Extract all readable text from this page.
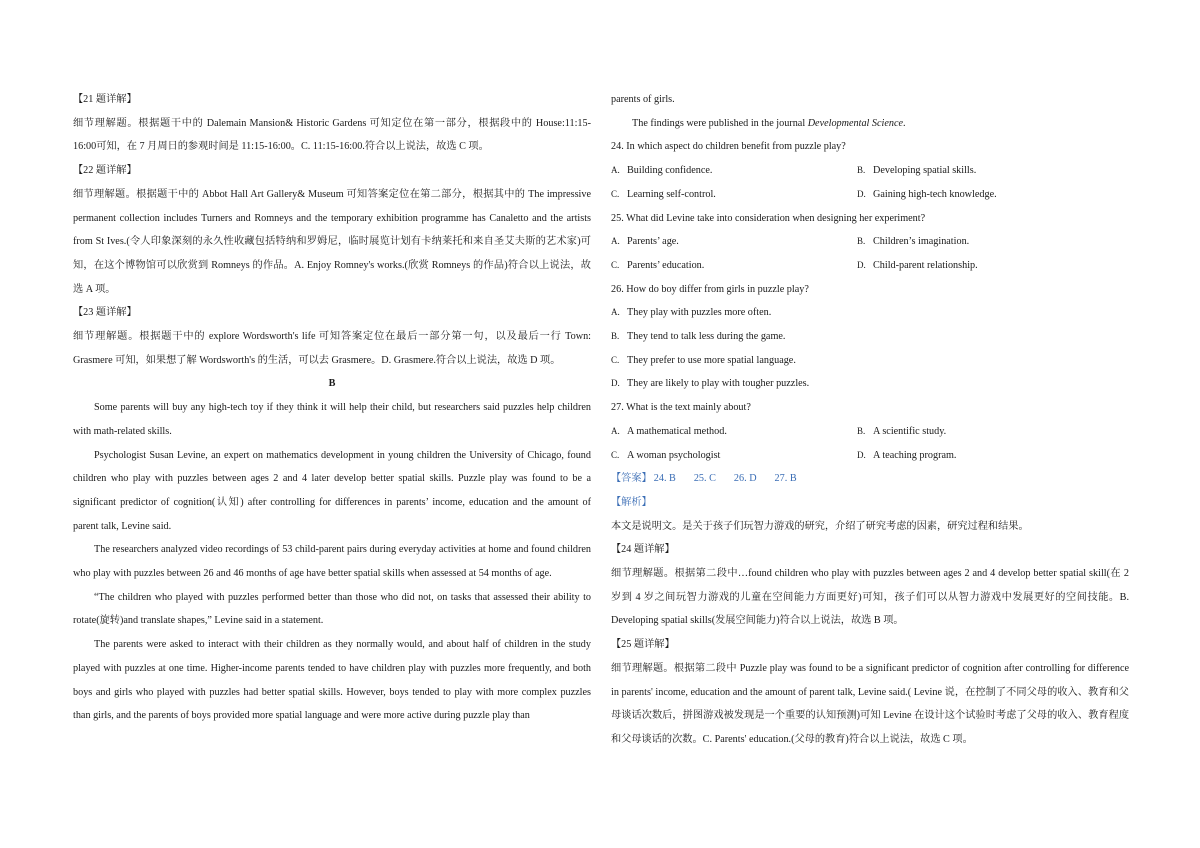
【21 题详解】

细节理解题。根据题干中的 Dalemain Mansion& Historic Gardens 可知定位在第一部分，根据段中的 House:11:15-16:00可知，在 7 月周日的参观时间是 11:15-16:00。C. 11:15-16:00.符合以上说法，故选 C 项。

【22 题详解】

细节理解题。根据题干中的 Abbot Hall Art Gallery& Museum 可知答案定位在第二部分，根据其中的 The impressive permanent collection includes Turners and Romneys and the temporary exhibition programme has Canaletto and the artists from St Ives.(令人印象深刻的永久性收藏包括特纳和罗姆尼，临时展览计划有卡纳莱托和来自圣艾夫斯的艺术家)可知，在这个博物馆可以欣赏到 Romneys 的作品。A. Enjoy Romney's works.(欣赏 Romneys 的作品)符合以上说法，故选 A 项。

【23 题详解】

细节理解题。根据题干中的 explore Wordsworth's life 可知答案定位在最后一部分第一句，以及最后一行 Town: Grasmere 可知，如果想了解 Wordsworth's 的生活，可以去 Grasmere。D. Grasmere.符合以上说法，故选 D 项。

B

Some parents will buy any high-tech toy if they think it will help their child, but researchers said puzzles help children with math-related skills.

Psychologist Susan Levine, an expert on mathematics development in young children the University of Chicago, found children who play with puzzles between ages 2 and 4 later develop better spatial skills. Puzzle play was found to be a significant predictor of cognition(认知) after controlling for differences in parents’ income, education and the amount of parent talk, Levine said.

The researchers analyzed video recordings of 53 child-parent pairs during everyday activities at home and found children who play with puzzles between 26 and 46 months of age have better spatial skills when assessed at 54 months of age.

“The children who played with puzzles performed better than those who did not, on tasks that assessed their ability to rotate(旋转)and translate shapes,” Levine said in a statement.

The parents were asked to interact with their children as they normally would, and about half of children in the study played with puzzles at one time. Higher-income parents tended to have children play with puzzles more frequently, and both boys and girls who played with puzzles had better spatial skills. However, boys tended to play with more complex puzzles than girls, and the parents of boys provided more spatial language and were more active during puzzle play than

parents of girls.

The findings were published in the journal Developmental Science.

24. In which aspect do children benefit from puzzle play?

A. Building confidence.	B. Developing spatial skills.
C. Learning self-control.	D. Gaining high-tech knowledge.

25. What did Levine take into consideration when designing her experiment?

A. Parents’ age.	B. Children’s imagination.
C. Parents’ education.	D. Child-parent relationship.

26. How do boy differ from girls in puzzle play?

A. They play with puzzles more often.
B. They tend to talk less during the game.
C. They prefer to use more spatial language.
D. They are likely to play with tougher puzzles.

27. What is the text mainly about?

A. A mathematical method.	B. A scientific study.
C. A woman psychologist	D. A teaching program.
【答案】 24. B 25. C 26. D 27. B

【解析】

本文是说明文。是关于孩子们玩智力游戏的研究，介绍了研究考虑的因素，研究过程和结果。

【24 题详解】

细节理解题。根据第二段中…found children who play with puzzles between ages 2 and 4 develop better spatial skill(在 2 岁到 4 岁之间玩智力游戏的儿童在空间能力方面更好)可知，孩子们可以从智力游戏中发展更好的空间技能。B. Developing spatial skills(发展空间能力)符合以上说法，故选 B 项。

【25 题详解】

细节理解题。根据第二段中 Puzzle play was found to be a significant predictor of cognition after controlling for difference in parents' income, education and the amount of parent talk, Levine said.( Levine 说，在控制了不同父母的收入、教育和父母谈话次数后，拼图游戏被发现是一个重要的认知预测)可知 Levine 在设计这个试验时考虑了父母的收入、教育程度和父母谈话的次数。C. Parents' education.(父母的教育)符合以上说法，故选 C 项。
